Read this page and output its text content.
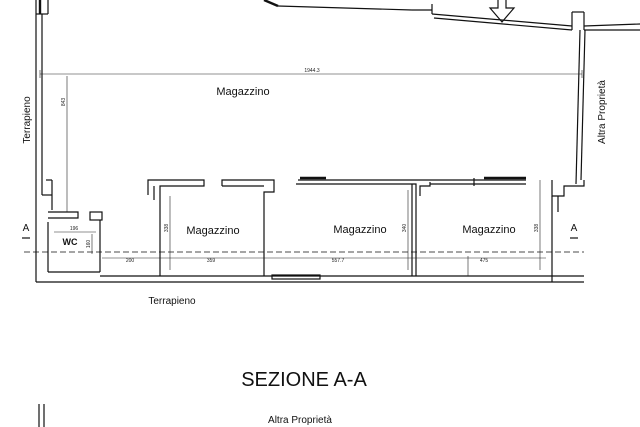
1944.3
843
Magazzino
Terrapieno	Altra Proprietà
196
160
WC
A	A
200	359	557.7	475
338	340	338
Magazzino	Magazzino	Magazzino
Terrapieno
SEZIONE A-A
Altra Proprietà
